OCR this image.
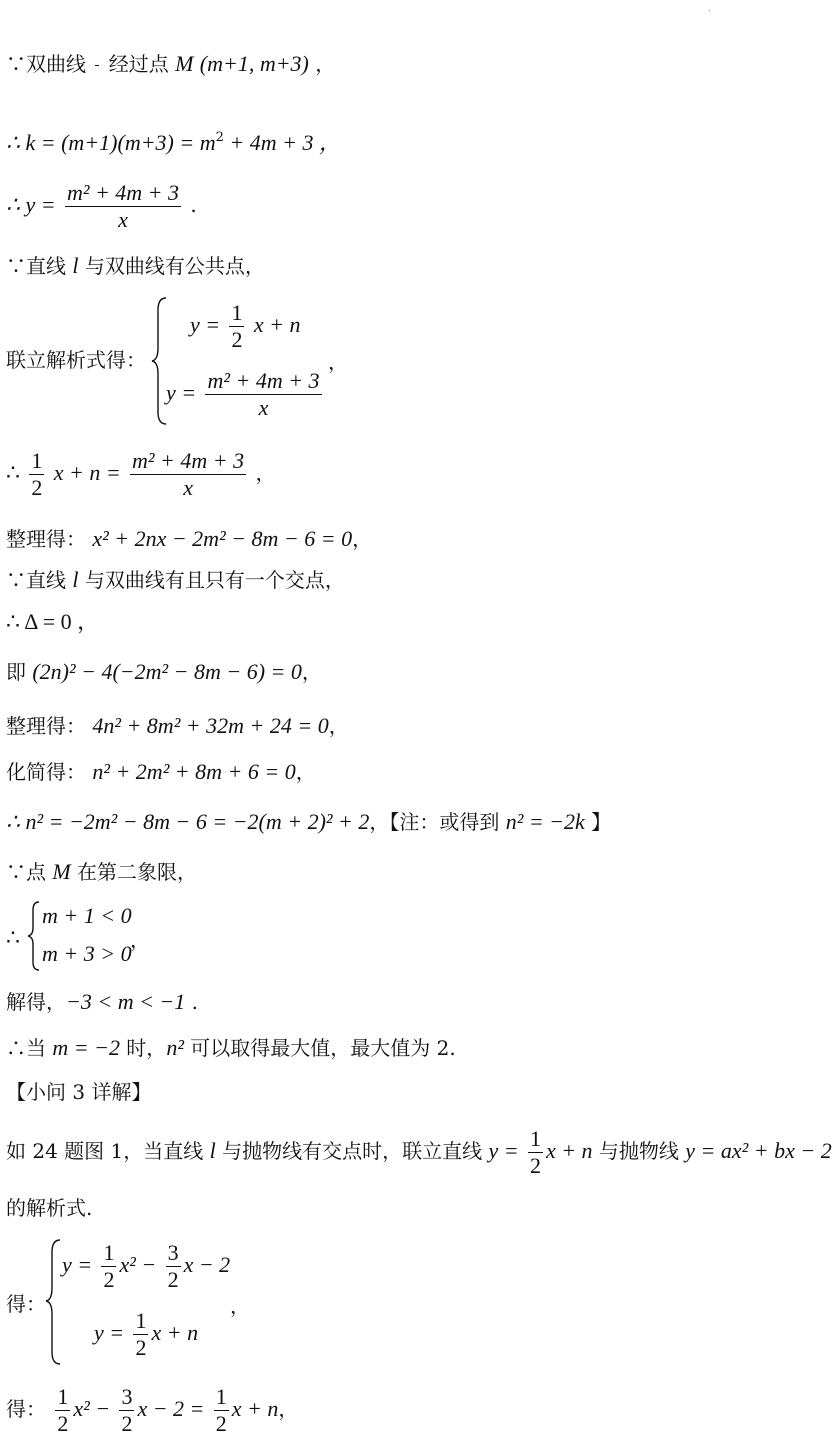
·
∵双曲线
经过点 M (m+1, m+3) ，
∴ $k = (m+1)(m+3) = m^2 + 4m + 3$ ，
∴ $y = \frac{\text{m² + 4m + 3}}{x}$ .
∵直线 l 与双曲线有公共点，
联立解析式得：
$y = \frac{1}{2}$ x + n
$y = \frac{\text{m² + 4m + 3}}{x}$
，
∴ $\frac{1}{2}$ $x + n = \frac{\text{m² + 4m + 3}}{x}$ ，
整理得： x² + 2nx − 2m² − 8m − 6 = 0，
∵直线 l 与双曲线有且只有一个交点，
∴ Δ = 0 ，
即 (2n)² − 4(−2m² − 8m − 6) = 0，
整理得： 4n² + 8m² + 32m + 24 = 0，
化简得： n² + 2m² + 8m + 6 = 0，
∴ n² = −2m² − 8m − 6 = −2(m + 2)² + 2，【注：或得到 n² = −2k 】
∵点 M 在第二象限，
∴
m + 1 < 0
m + 3 > 0
，
解得，−3 < m < −1 .
∴当 m = −2 时，n² 可以取得最大值，最大值为 2.
【小问 3 详解】
如 24 题图 1，当直线 l 与抛物线有交点时，联立直线 $y = \frac{1}{2}$ x + n 与抛物线 y = ax² + bx − 2
的解析式.
得：
$y = \frac{1}{2} x^2 - \frac{3}{2}$ x − 2
$y = \frac{1}{2}$ x + n
，
得： $\frac{1}{2} x^2 - \frac{3}{2}$ $x - 2 = \frac{1}{2}$ x + n，
